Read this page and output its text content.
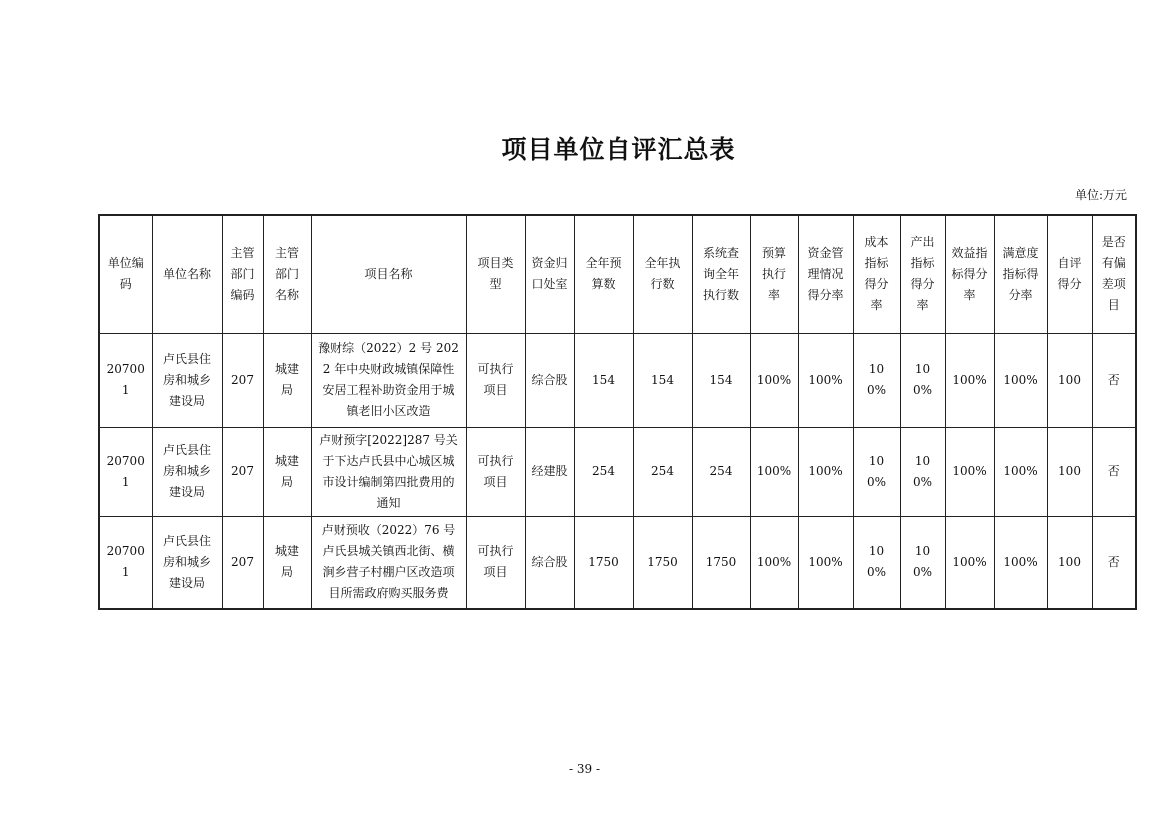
项目单位自评汇总表
单位:万元
单位编码	单位名称	主管部门编码	主管部门名称	项目名称	项目类型	资金归口处室	全年预算数	全年执行数	系统查询全年执行数	预算执行率	资金管理情况得分率	成本指标得分率	产出指标得分率	效益指标得分率	满意度指标得分率	自评得分	是否有偏差项目
207001	卢氏县住房和城乡建设局	207	城建局	豫财综（2022）2 号 2022 年中央财政城镇保障性安居工程补助资金用于城镇老旧小区改造	可执行项目	综合股	154	154	154	100%	100%	100%	100%	100%	100%	100	否
207001	卢氏县住房和城乡建设局	207	城建局	卢财预字[2022]287 号关于下达卢氏县中心城区城市设计编制第四批费用的通知	可执行项目	经建股	254	254	254	100%	100%	100%	100%	100%	100%	100	否
207001	卢氏县住房和城乡建设局	207	城建局	卢财预收（2022）76 号卢氏县城关镇西北街、横涧乡营子村棚户区改造项目所需政府购买服务费	可执行项目	综合股	1750	1750	1750	100%	100%	100%	100%	100%	100%	100	否
- 39 -
